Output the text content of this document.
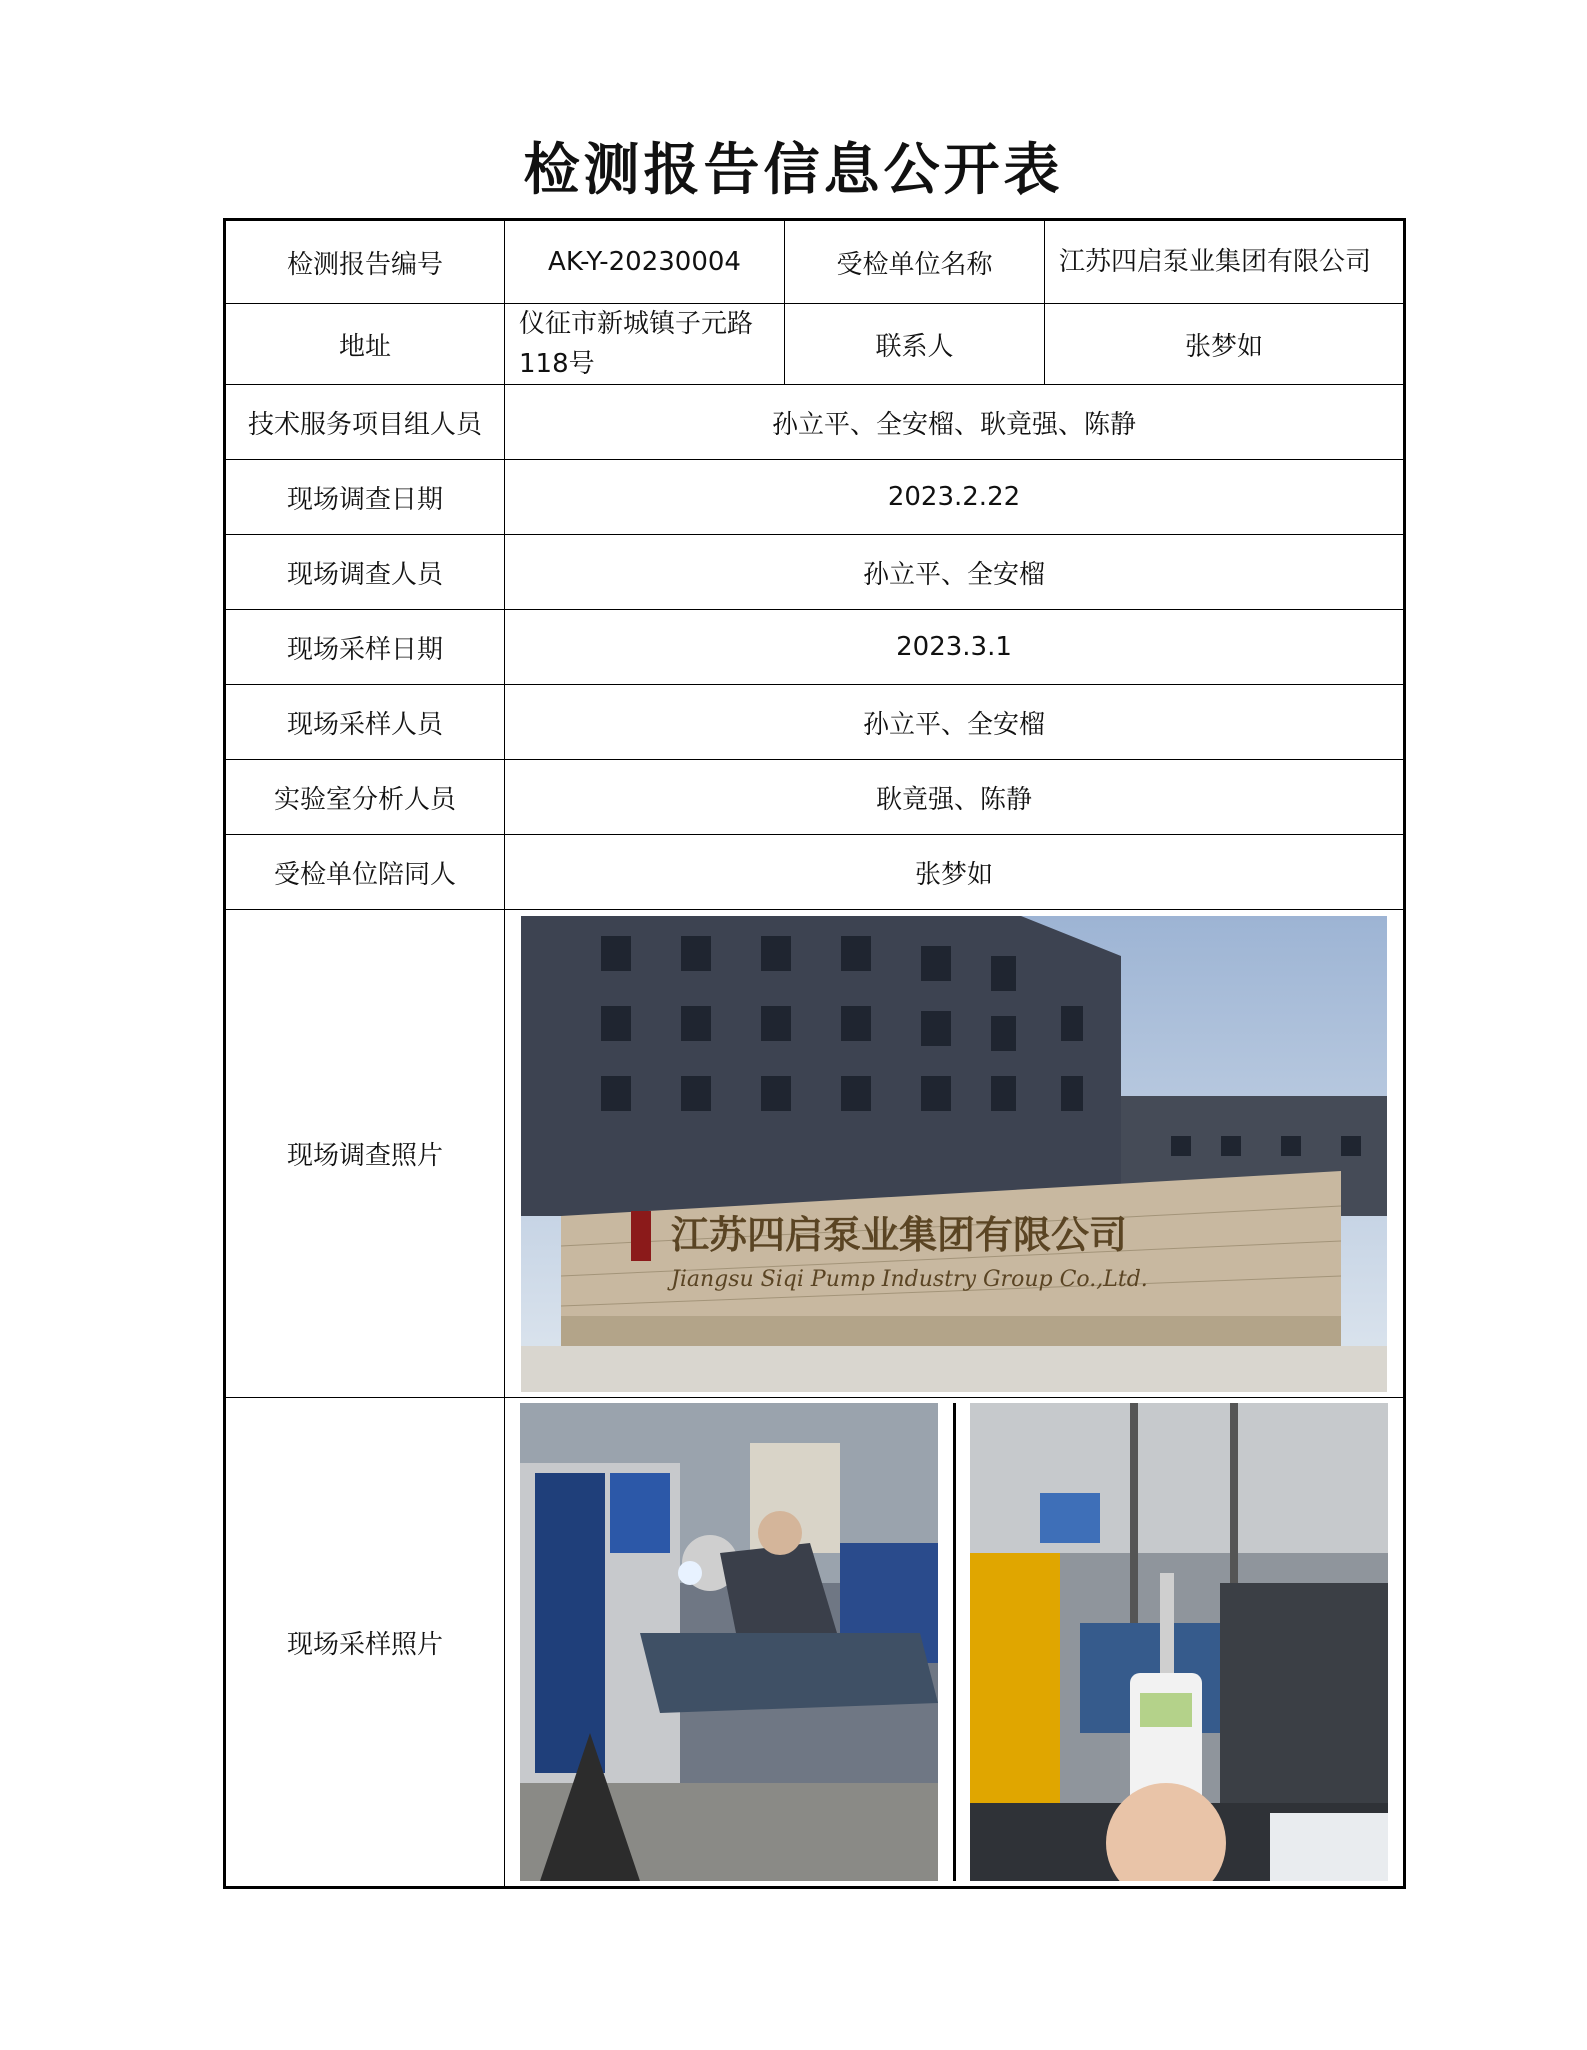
检测报告信息公开表
检测报告编号	AK-Y-20230004	受检单位名称	江苏四启泵业集团有限公司
地址	仪征市新城镇子元路118号	联系人	张梦如
技术服务项目组人员	孙立平、全安榴、耿竟强、陈静		
现场调查日期	2023.2.22		
现场调查人员	孙立平、全安榴		
现场采样日期	2023.3.1		
现场采样人员	孙立平、全安榴		
实验室分析人员	耿竟强、陈静		
受检单位陪同人	张梦如		
现场调查照片	江苏四启泵业集团有限公司
Jiangsu Siqi Pump Industry Group Co.,Ltd.		

现场采样照片	
